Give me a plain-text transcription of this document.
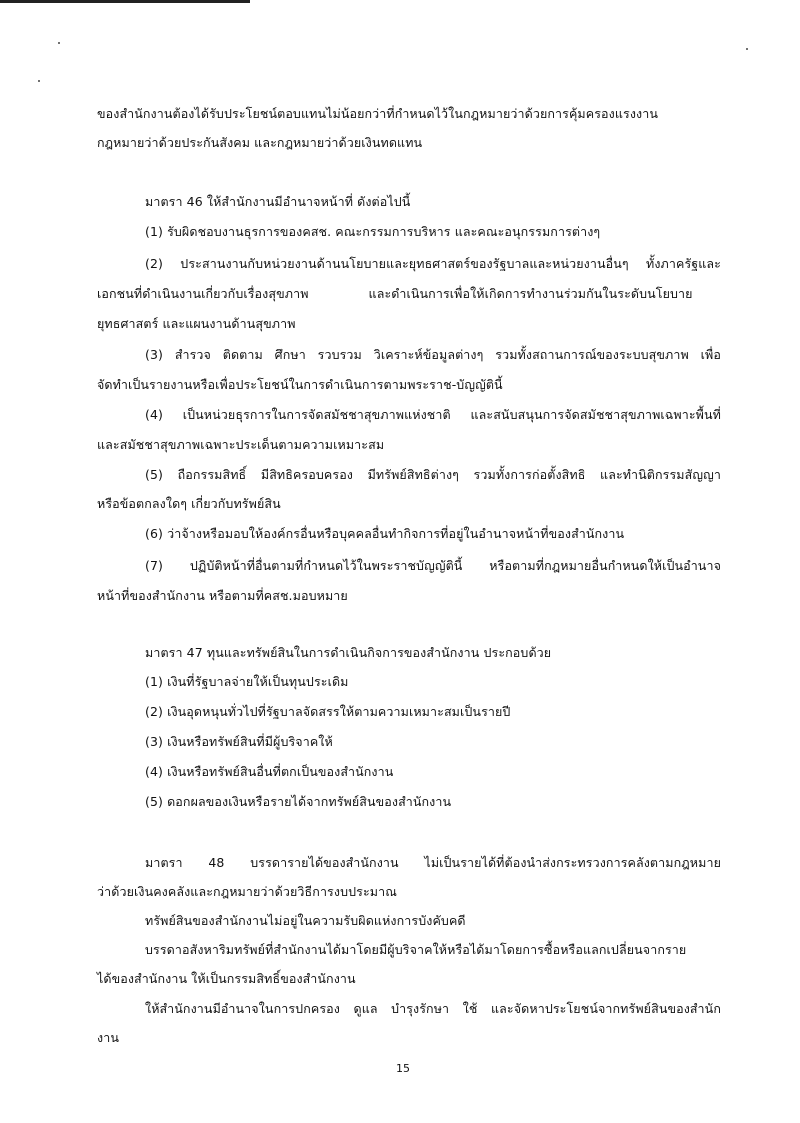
ของสำนักงานต้องได้รับประโยชน์ตอบแทนไม่น้อยกว่าที่กำหนดไว้ในกฎหมายว่าด้วยการคุ้มครองแรงงาน
กฎหมายว่าด้วยประกันสังคม และกฎหมายว่าด้วยเงินทดแทน
มาตรา 46 ให้สำนักงานมีอำนาจหน้าที่ ดังต่อไปนี้
(1) รับผิดชอบงานธุรการของคสช. คณะกรรมการบริหาร และคณะอนุกรรมการต่างๆ
(2) ประสานงานกับหน่วยงานด้านนโยบายและยุทธศาสตร์ของรัฐบาลและหน่วยงานอื่นๆ ทั้งภาครัฐและ
เอกชนที่ดำเนินงานเกี่ยวกับเรื่องสุขภาพ	และดำเนินการเพื่อให้เกิดการทำงานร่วมกันในระดับนโยบาย
ยุทธศาสตร์ และแผนงานด้านสุขภาพ
(3) สำรวจ ติดตาม ศึกษา รวบรวม วิเคราะห์ข้อมูลต่างๆ รวมทั้งสถานการณ์ของระบบสุขภาพ เพื่อ
จัดทำเป็นรายงานหรือเพื่อประโยชน์ในการดำเนินการตามพระราช-บัญญัตินี้
(4) เป็นหน่วยธุรการในการจัดสมัชชาสุขภาพแห่งชาติ และสนับสนุนการจัดสมัชชาสุขภาพเฉพาะพื้นที่
และสมัชชาสุขภาพเฉพาะประเด็นตามความเหมาะสม
(5) ถือกรรมสิทธิ์ มีสิทธิครอบครอง มีทรัพย์สิทธิต่างๆ รวมทั้งการก่อตั้งสิทธิ และทำนิติกรรมสัญญา
หรือข้อตกลงใดๆ เกี่ยวกับทรัพย์สิน
(6) ว่าจ้างหรือมอบให้องค์กรอื่นหรือบุคคลอื่นทำกิจการที่อยู่ในอำนาจหน้าที่ของสำนักงาน
(7) ปฏิบัติหน้าที่อื่นตามที่กำหนดไว้ในพระราชบัญญัตินี้ หรือตามที่กฎหมายอื่นกำหนดให้เป็นอำนาจ
หน้าที่ของสำนักงาน หรือตามที่คสช.มอบหมาย
มาตรา 47 ทุนและทรัพย์สินในการดำเนินกิจการของสำนักงาน ประกอบด้วย
(1) เงินที่รัฐบาลจ่ายให้เป็นทุนประเดิม
(2) เงินอุดหนุนทั่วไปที่รัฐบาลจัดสรรให้ตามความเหมาะสมเป็นรายปี
(3) เงินหรือทรัพย์สินที่มีผู้บริจาคให้
(4) เงินหรือทรัพย์สินอื่นที่ตกเป็นของสำนักงาน
(5) ดอกผลของเงินหรือรายได้จากทรัพย์สินของสำนักงาน
มาตรา 48 บรรดารายได้ของสำนักงาน ไม่เป็นรายได้ที่ต้องนำส่งกระทรวงการคลังตามกฎหมาย
ว่าด้วยเงินคงคลังและกฎหมายว่าด้วยวิธีการงบประมาณ
ทรัพย์สินของสำนักงานไม่อยู่ในความรับผิดแห่งการบังคับคดี
บรรดาอสังหาริมทรัพย์ที่สำนักงานได้มาโดยมีผู้บริจาคให้หรือได้มาโดยการซื้อหรือแลกเปลี่ยนจากราย
ได้ของสำนักงาน ให้เป็นกรรมสิทธิ์ของสำนักงาน
ให้สำนักงานมีอำนาจในการปกครอง ดูแล บำรุงรักษา ใช้ และจัดหาประโยชน์จากทรัพย์สินของสำนัก
งาน
15
